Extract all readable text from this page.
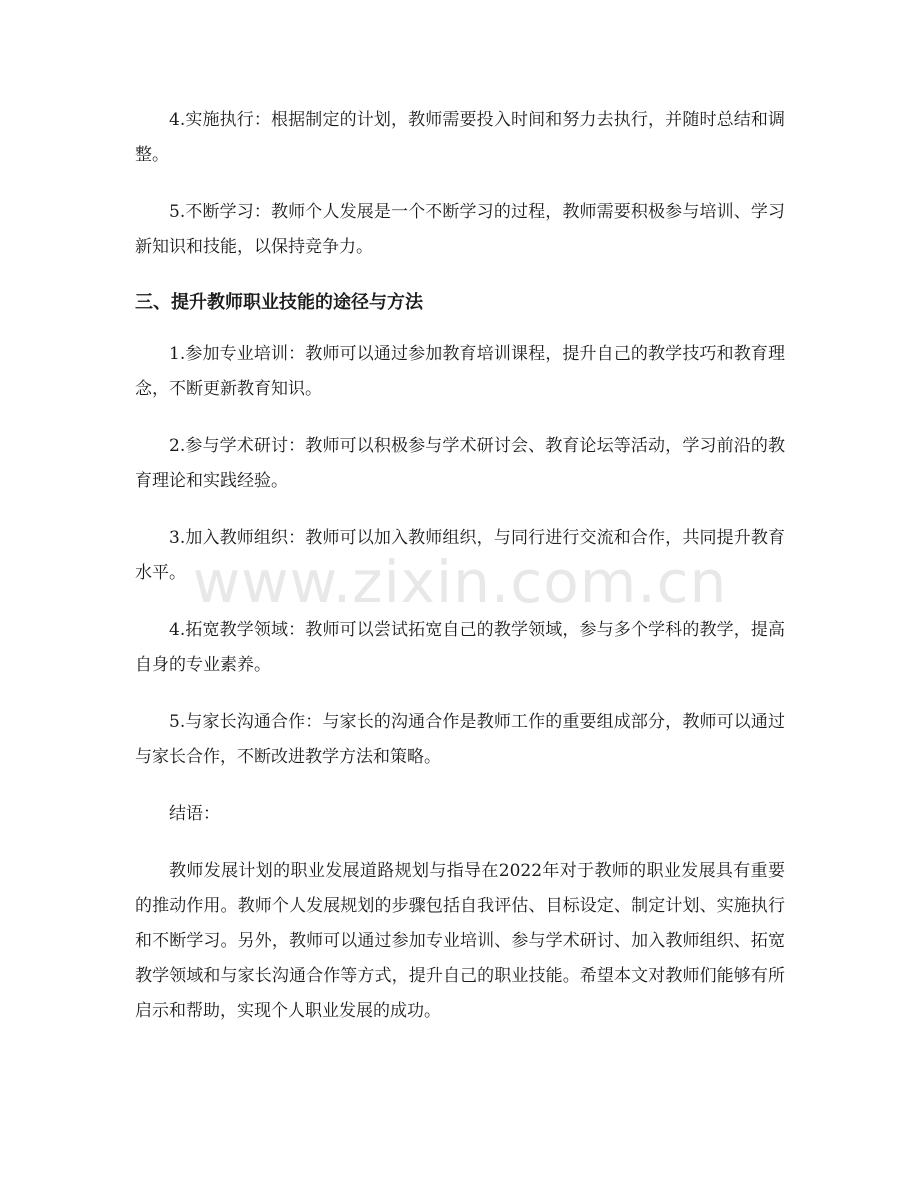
4.实施执行：根据制定的计划，教师需要投入时间和努力去执行，并随时总结和调整。

5.不断学习：教师个人发展是一个不断学习的过程，教师需要积极参与培训、学习新知识和技能，以保持竞争力。

三、提升教师职业技能的途径与方法

1.参加专业培训：教师可以通过参加教育培训课程，提升自己的教学技巧和教育理念，不断更新教育知识。

2.参与学术研讨：教师可以积极参与学术研讨会、教育论坛等活动，学习前沿的教育理论和实践经验。

3.加入教师组织：教师可以加入教师组织，与同行进行交流和合作，共同提升教育水平。

4.拓宽教学领域：教师可以尝试拓宽自己的教学领域，参与多个学科的教学，提高自身的专业素养。

5.与家长沟通合作：与家长的沟通合作是教师工作的重要组成部分，教师可以通过与家长合作，不断改进教学方法和策略。

结语：

教师发展计划的职业发展道路规划与指导在2022年对于教师的职业发展具有重要的推动作用。教师个人发展规划的步骤包括自我评估、目标设定、制定计划、实施执行和不断学习。另外，教师可以通过参加专业培训、参与学术研讨、加入教师组织、拓宽教学领域和与家长沟通合作等方式，提升自己的职业技能。希望本文对教师们能够有所启示和帮助，实现个人职业发展的成功。

www.zixin.com.cn
